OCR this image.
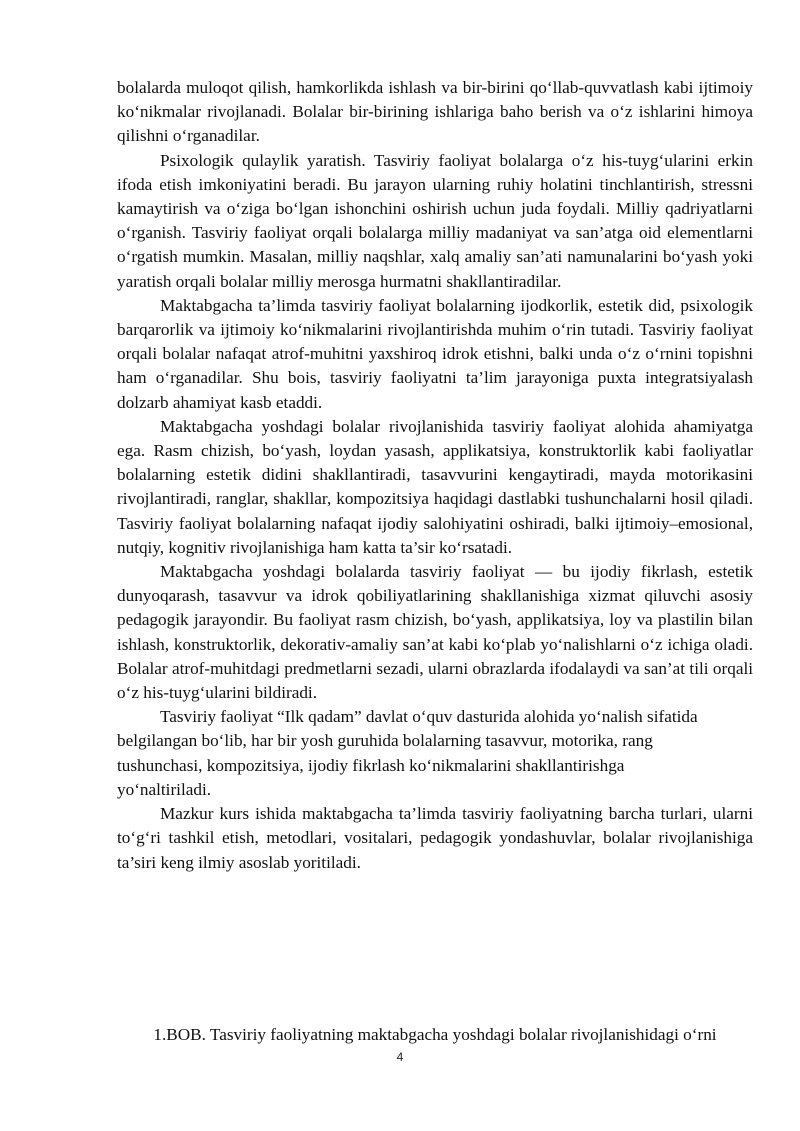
bolalarda muloqot qilish, hamkorlikda ishlash va bir-birini qo‘llab-quvvatlash kabi ijtimoiy ko‘nikmalar rivojlanadi. Bolalar bir-birining ishlariga baho berish va o‘z ishlarini himoya qilishni o‘rganadilar.

Psixologik qulaylik yaratish. Tasviriy faoliyat bolalarga o‘z his-tuyg‘ularini erkin ifoda etish imkoniyatini beradi. Bu jarayon ularning ruhiy holatini tinchlantirish, stressni kamaytirish va o‘ziga bo‘lgan ishonchini oshirish uchun juda foydali. Milliy qadriyatlarni o‘rganish. Tasviriy faoliyat orqali bolalarga milliy madaniyat va san’atga oid elementlarni o‘rgatish mumkin. Masalan, milliy naqshlar, xalq amaliy san’ati namunalarini bo‘yash yoki yaratish orqali bolalar milliy merosga hurmatni shakllantiradilar.

Maktabgacha ta’limda tasviriy faoliyat bolalarning ijodkorlik, estetik did, psixologik barqarorlik va ijtimoiy ko‘nikmalarini rivojlantirishda muhim o‘rin tutadi. Tasviriy faoliyat orqali bolalar nafaqat atrof-muhitni yaxshiroq idrok etishni, balki unda o‘z o‘rnini topishni ham o‘rganadilar. Shu bois, tasviriy faoliyatni ta’lim jarayoniga puxta integratsiyalash dolzarb ahamiyat kasb etaddi.

Maktabgacha yoshdagi bolalar rivojlanishida tasviriy faoliyat alohida ahamiyatga ega. Rasm chizish, bo‘yash, loydan yasash, applikatsiya, konstruktorlik kabi faoliyatlar bolalarning estetik didini shakllantiradi, tasavvurini kengaytiradi, mayda motorikasini rivojlantiradi, ranglar, shakllar, kompozitsiya haqidagi dastlabki tushunchalarni hosil qiladi. Tasviriy faoliyat bolalarning nafaqat ijodiy salohiyatini oshiradi, balki ijtimoiy–emosional, nutqiy, kognitiv rivojlanishiga ham katta ta’sir ko‘rsatadi.

Maktabgacha yoshdagi bolalarda tasviriy faoliyat — bu ijodiy fikrlash, estetik dunyoqarash, tasavvur va idrok qobiliyatlarining shakllanishiga xizmat qiluvchi asosiy pedagogik jarayondir. Bu faoliyat rasm chizish, bo‘yash, applikatsiya, loy va plastilin bilan ishlash, konstruktorlik, dekorativ-amaliy san’at kabi ko‘plab yo‘nalishlarni o‘z ichiga oladi. Bolalar atrof-muhitdagi predmetlarni sezadi, ularni obrazlarda ifodalaydi va san’at tili orqali o‘z his-tuyg‘ularini bildiradi.

Tasviriy faoliyat “Ilk qadam” davlat o‘quv dasturida alohida yo‘nalish sifatida belgilangan bo‘lib, har bir yosh guruhida bolalarning tasavvur, motorika, rang tushunchasi, kompozitsiya, ijodiy fikrlash ko‘nikmalarini shakllantirishga yo‘naltiriladi.

Mazkur kurs ishida maktabgacha ta’limda tasviriy faoliyatning barcha turlari, ularni to‘g‘ri tashkil etish, metodlari, vositalari, pedagogik yondashuvlar, bolalar rivojlanishiga ta’siri keng ilmiy asoslab yoritiladi.

1.BOB. Tasviriy faoliyatning maktabgacha yoshdagi bolalar rivojlanishidagi o‘rni
4
